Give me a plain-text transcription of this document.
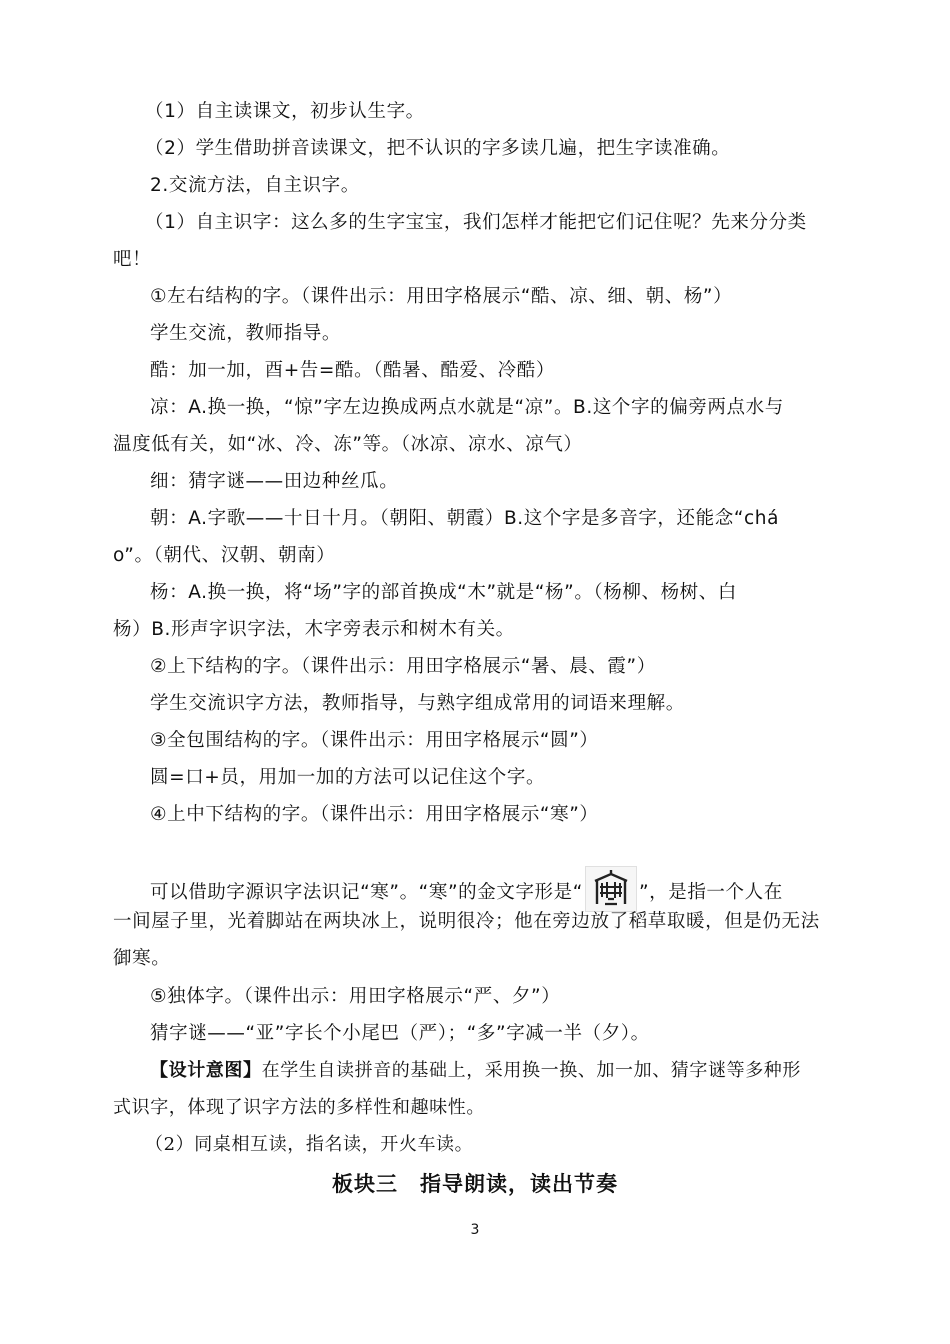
（1）自主读课文，初步认生字。
（2）学生借助拼音读课文，把不认识的字多读几遍，把生字读准确。
2.交流方法，自主识字。
（1）自主识字：这么多的生字宝宝，我们怎样才能把它们记住呢？先来分分类
吧！
①左右结构的字。（课件出示：用田字格展示“酷、凉、细、朝、杨”）
学生交流，教师指导。
酷：加一加，酉+告=酷。（酷暑、酷爱、冷酷）
凉：A.换一换，“惊”字左边换成两点水就是“凉”。B.这个字的偏旁两点水与
温度低有关，如“冰、冷、冻”等。（冰凉、凉水、凉气）
细：猜字谜——田边种丝瓜。
朝：A.字歌——十日十月。（朝阳、朝霞）B.这个字是多音字，还能念“chá
o”。（朝代、汉朝、朝南）
杨：A.换一换，将“场”字的部首换成“木”就是“杨”。（杨柳、杨树、白
杨）B.形声字识字法，木字旁表示和树木有关。
②上下结构的字。（课件出示：用田字格展示“暑、晨、霞”）
学生交流识字方法，教师指导，与熟字组成常用的词语来理解。
③全包围结构的字。（课件出示：用田字格展示“圆”）
圆=口+员，用加一加的方法可以记住这个字。
④上中下结构的字。（课件出示：用田字格展示“寒”）
可以借助字源识字法识记“寒”。“寒”的金文字形是“	”，是指一个人在
一间屋子里，光着脚站在两块冰上，说明很冷；他在旁边放了稻草取暖，但是仍无法
御寒。
⑤独体字。（课件出示：用田字格展示“严、夕”）
猜字谜——“亚”字长个小尾巴（严）；“多”字减一半（夕）。
【设计意图】在学生自读拼音的基础上，采用换一换、加一加、猜字谜等多种形
式识字，体现了识字方法的多样性和趣味性。
（2）同桌相互读，指名读，开火车读。
板块三 指导朗读，读出节奏
3
